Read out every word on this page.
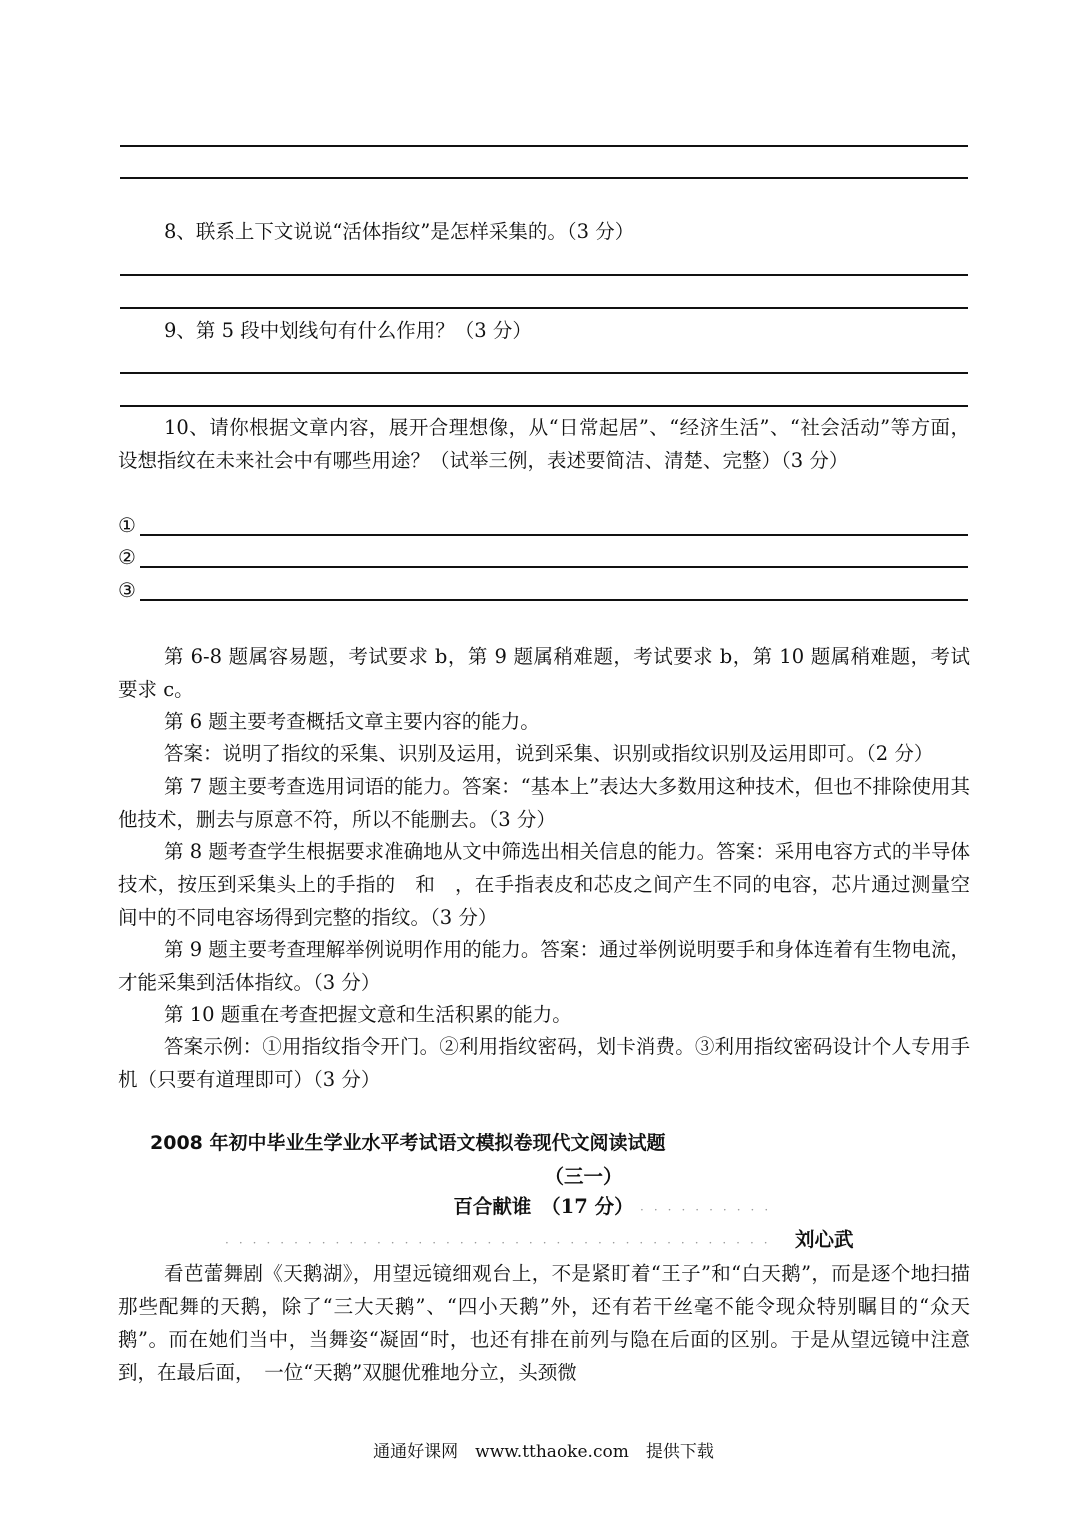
8、联系上下文说说“活体指纹”是怎样采集的。（3 分）

9、第 5 段中划线句有什么作用？（3 分）

10、请你根据文章内容，展开合理想像，从“日常起居”、“经济生活”、“社会活动”等方面，设想指纹在未来社会中有哪些用途？（试举三例，表述要简洁、清楚、完整）（3 分）

①
②
③

第 6-8 题属容易题，考试要求 b，第 9 题属稍难题，考试要求 b，第 10 题属稍难题，考试要求 c。

第 6 题主要考查概括文章主要内容的能力。

答案：说明了指纹的采集、识别及运用，说到采集、识别或指纹识别及运用即可。（2 分）

第 7 题主要考查选用词语的能力。答案：“基本上”表达大多数用这种技术，但也不排除使用其他技术，删去与原意不符，所以不能删去。（3 分）

第 8 题考查学生根据要求准确地从文中筛选出相关信息的能力。答案：采用电容方式的半导体技术，按压到采集头上的手指的　和　，在手指表皮和芯皮之间产生不同的电容，芯片通过测量空间中的不同电容场得到完整的指纹。（3 分）

第 9 题主要考查理解举例说明作用的能力。答案：通过举例说明要手和身体连着有生物电流，才能采集到活体指纹。（3 分）

第 10 题重在考查把握文意和生活积累的能力。

答案示例：①用指纹指令开门。②利用指纹密码，划卡消费。③利用指纹密码设计个人专用手机（只要有道理即可）（3 分）

2008 年初中毕业生学业水平考试语文模拟卷现代文阅读试题
（三一）
百合献谁　（17 分） ··········
········································ 刘心武

看芭蕾舞剧《天鹅湖》，用望远镜细观台上，不是紧盯着“王子”和“白天鹅”，而是逐个地扫描那些配舞的天鹅，除了“三大天鹅”、“四小天鹅”外，还有若干丝毫不能令现众特别瞩目的“众天鹅”。而在她们当中，当舞姿“凝固“时，也还有排在前列与隐在后面的区别。于是从望远镜中注意到，在最后面，　一位“天鹅”双腿优雅地分立，头颈微

通通好课网　www.tthaoke.com　提供下载
